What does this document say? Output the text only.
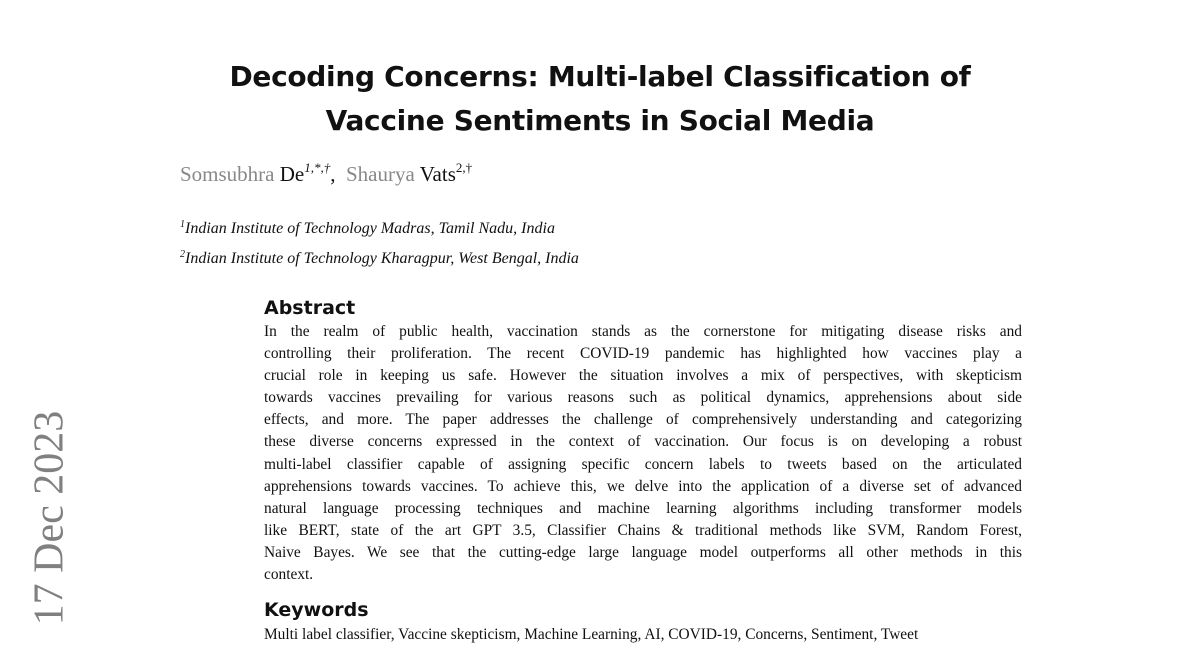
17 Dec 2023
Decoding Concerns: Multi-label Classification of
Vaccine Sentiments in Social Media
Somsubhra $De^{1,*,\dagger}$, Shaurya Vats$^{2,\dagger}$
$^1$Indian Institute of Technology Madras, Tamil Nadu, India
$^2$Indian Institute of Technology Kharagpur, West Bengal, India
Abstract
In the realm of public health, vaccination stands as the cornerstone for mitigating disease risks and
controlling their proliferation. The recent COVID-19 pandemic has highlighted how vaccines play a
crucial role in keeping us safe. However the situation involves a mix of perspectives, with skepticism
towards vaccines prevailing for various reasons such as political dynamics, apprehensions about side
effects, and more. The paper addresses the challenge of comprehensively understanding and categorizing
these diverse concerns expressed in the context of vaccination. Our focus is on developing a robust
multi-label classifier capable of assigning specific concern labels to tweets based on the articulated
apprehensions towards vaccines. To achieve this, we delve into the application of a diverse set of advanced
natural language processing techniques and machine learning algorithms including transformer models
like BERT, state of the art GPT 3.5, Classifier Chains & traditional methods like SVM, Random Forest,
Naive Bayes. We see that the cutting-edge large language model outperforms all other methods in this
context.
Keywords
Multi label classifier, Vaccine skepticism, Machine Learning, AI, COVID-19, Concerns, Sentiment, Tweet
